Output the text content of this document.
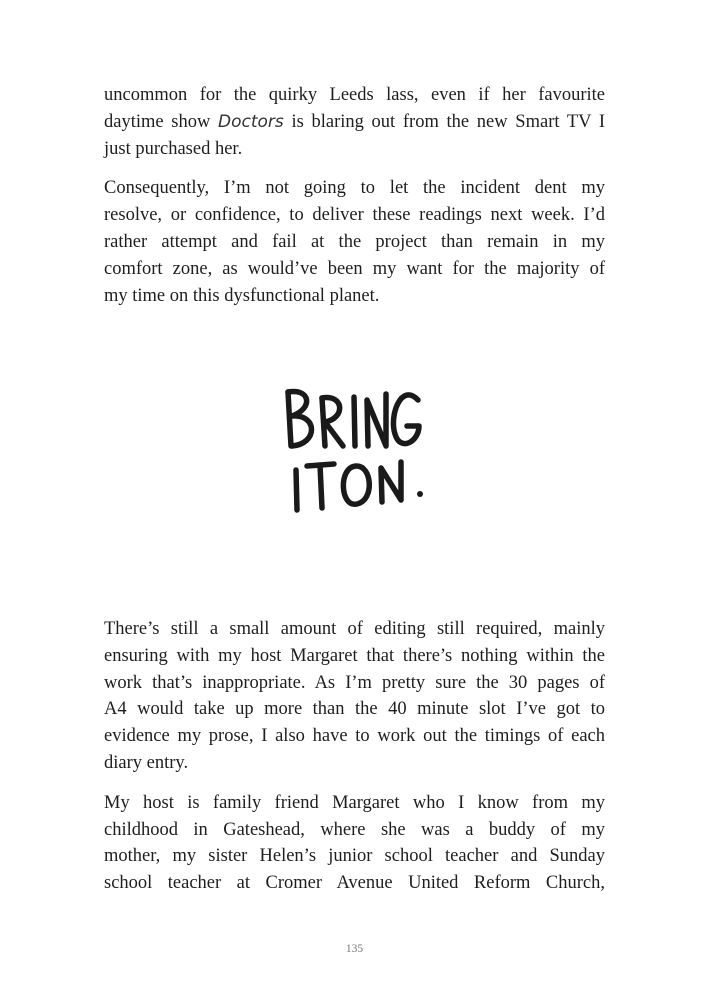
uncommon for the quirky Leeds lass, even if her favourite
daytime show Doctors is blaring out from the new Smart TV I
just purchased her.

Consequently, I’m not going to let the incident dent my
resolve, or confidence, to deliver these readings next week. I’d
rather attempt and fail at the project than remain in my
comfort zone, as would’ve been my want for the majority of
my time on this dysfunctional planet.

There’s still a small amount of editing still required, mainly
ensuring with my host Margaret that there’s nothing within the
work that’s inappropriate. As I’m pretty sure the 30 pages of
A4 would take up more than the 40 minute slot I’ve got to
evidence my prose, I also have to work out the timings of each
diary entry.

My host is family friend Margaret who I know from my
childhood in Gateshead, where she was a buddy of my
mother, my sister Helen’s junior school teacher and Sunday
school teacher at Cromer Avenue United Reform Church,

135
